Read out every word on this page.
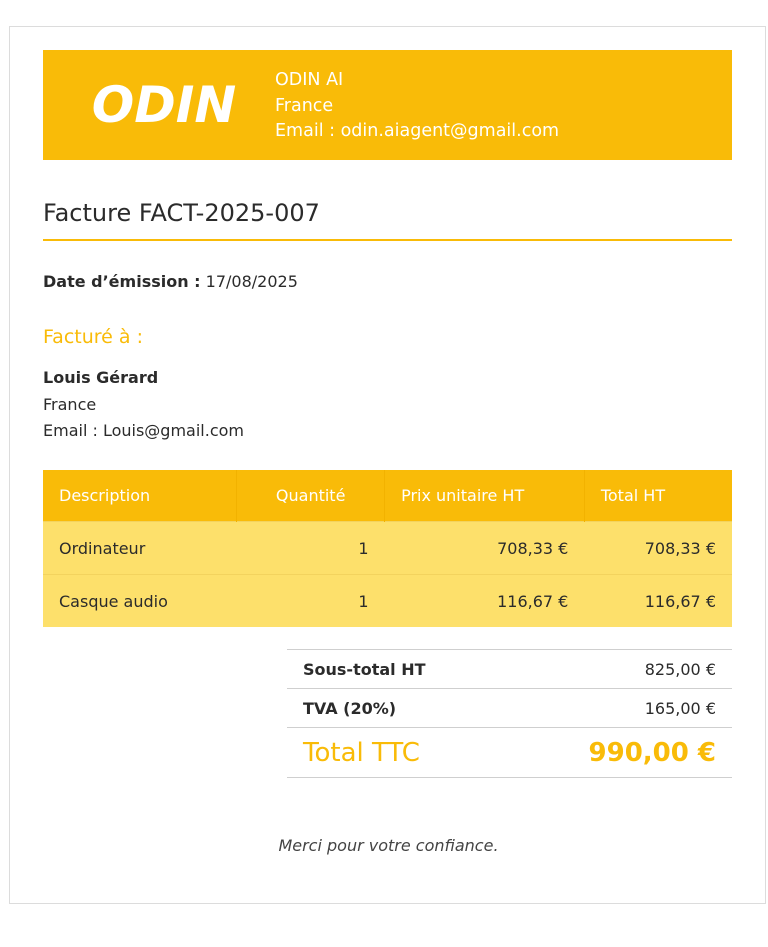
ODIN ODIN AI
France
Email : odin.aiagent@gmail.com
Facture FACT-2025-007
Date d’émission : 17/08/2025
Facturé à :
Louis Gérard
France
Email : Louis@gmail.com
Description	Quantité	Prix unitaire HT	Total HT
Ordinateur	1	708,33 €	708,33 €
Casque audio	1	116,67 €	116,67 €
Sous-total HT	825,00 €
TVA (20%)	165,00 €
Total TTC	990,00 €
Merci pour votre confiance.
